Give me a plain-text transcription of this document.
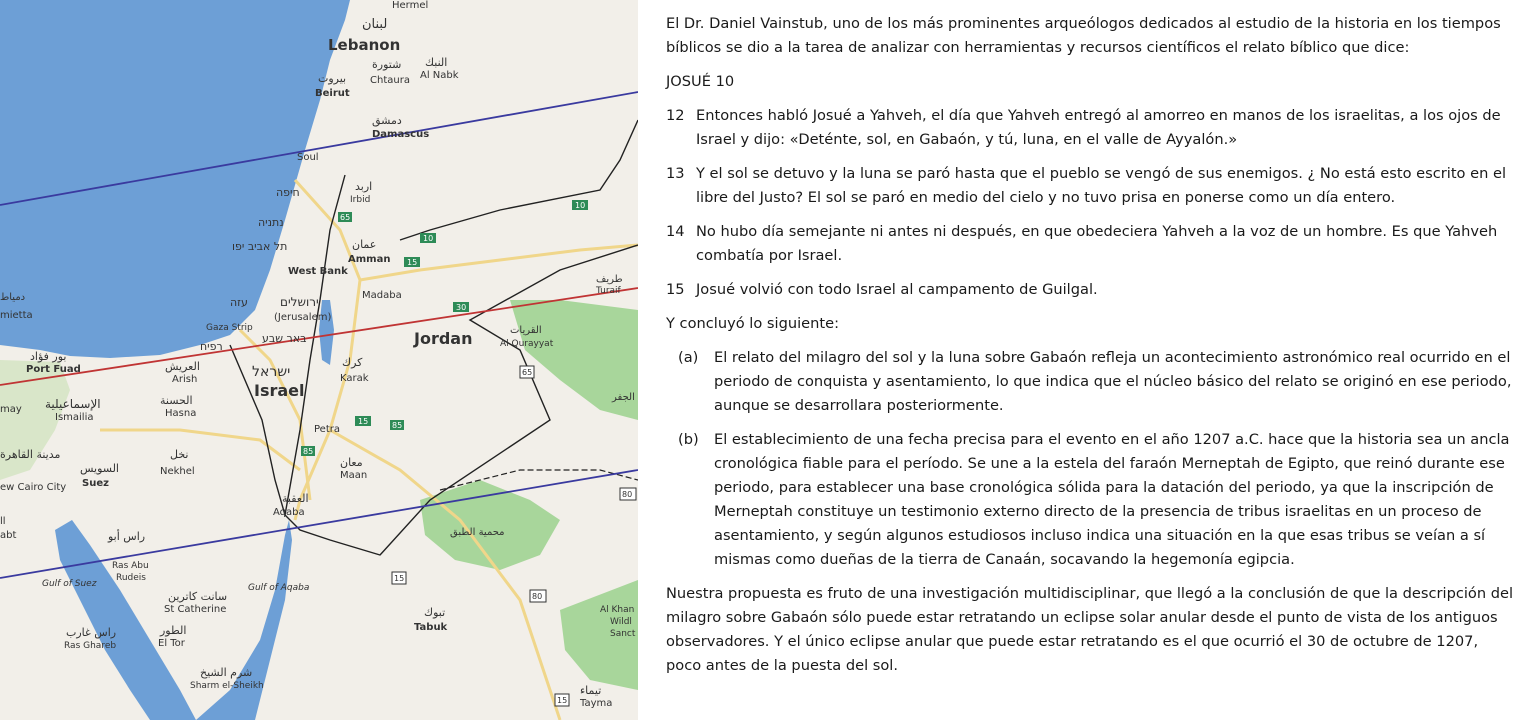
10
65
10
15
30
65
15
85
85
15
80
80
15
Hermel
لبنان
Lebanon
شتورة
Chtaura
النبك
Al Nabk
بيروت
Beirut
دمشق
Damascus
Soul
חיפה	اربد
Irbid
נתניה
תל אביב יפו	عمان
Amman
West Bank
Madaba
ירושלים
(Jerusalem)
עזה
Gaza Strip
באר שבע
רפיח
طريف
Turaif
القريات
Al Qurayyat
Jordan
ישראל
Israel
كرك
Karak
بور فؤاد
Port Fuad	العريش
Arish
الإسماعيلية
Ismailia
الحسنة
Hasna
Petra
نخل
Nekhel
مدينة القاهرة
السويس
Suez
ew Cairo City
معان
Maan
العقبة
Aqaba
راس أبو
Ras Abu
Rudeis
Gulf of Suez	Gulf of Aqaba
سانت كاترين
St Catherine
راس غارب
Ras Ghareb
الطور
El Tor
تبوك
Tabuk
شرم الشيخ
Sharm el-Sheikh	تيماء
Tayma
محمية الطبق
Al Khan
Wildl
Sanct
الجفر
دمياط
mietta
may
abt
ll

El Dr. Daniel Vainstub, uno de los más prominentes arqueólogos dedicados al estudio de la historia en los tiempos bíblicos se dio a la tarea de analizar con herramientas y recursos científicos el relato bíblico que dice:

JOSUÉ 10

12 Entonces habló Josué a Yahveh, el día que Yahveh entregó al amorreo en manos de los israelitas, a los ojos de Israel y dijo: «Deténte, sol, en Gabaón, y tú, luna, en el valle de Ayyalón.»
13 Y el sol se detuvo y la luna se paró hasta que el pueblo se vengó de sus enemigos. ¿ No está esto escrito en el libre del Justo? El sol se paró en medio del cielo y no tuvo prisa en ponerse como un día entero.
14 No hubo día semejante ni antes ni después, en que obedeciera Yahveh a la voz de un hombre. Es que Yahveh combatía por Israel.
15 Josué volvió con todo Israel al campamento de Guilgal.

Y concluyó lo siguiente:

(a)	El relato del milagro del sol y la luna sobre Gabaón refleja un acontecimiento astronómico real ocurrido en el periodo de conquista y asentamiento, lo que indica que el núcleo básico del relato se originó en ese periodo, aunque se desarrollara posteriormente.
(b)	El establecimiento de una fecha precisa para el evento en el año 1207 a.C. hace que la historia sea un ancla cronológica fiable para el período. Se une a la estela del faraón Merneptah de Egipto, que reinó durante ese periodo, para establecer una base cronológica sólida para la datación del periodo, ya que la inscripción de Merneptah constituye un testimonio externo directo de la presencia de tribus israelitas en un proceso de asentamiento, y según algunos estudiosos incluso indica una situación en la que esas tribus se veían a sí mismas como dueñas de la tierra de Canaán, socavando la hegemonía egipcia.

Nuestra propuesta es fruto de una investigación multidisciplinar, que llegó a la conclusión de que la descripción del milagro sobre Gabaón sólo puede estar retratando un eclipse solar anular desde el punto de vista de los antiguos observadores. Y el único eclipse anular que puede estar retratando es el que ocurrió el 30 de octubre de 1207, poco antes de la puesta del sol.
